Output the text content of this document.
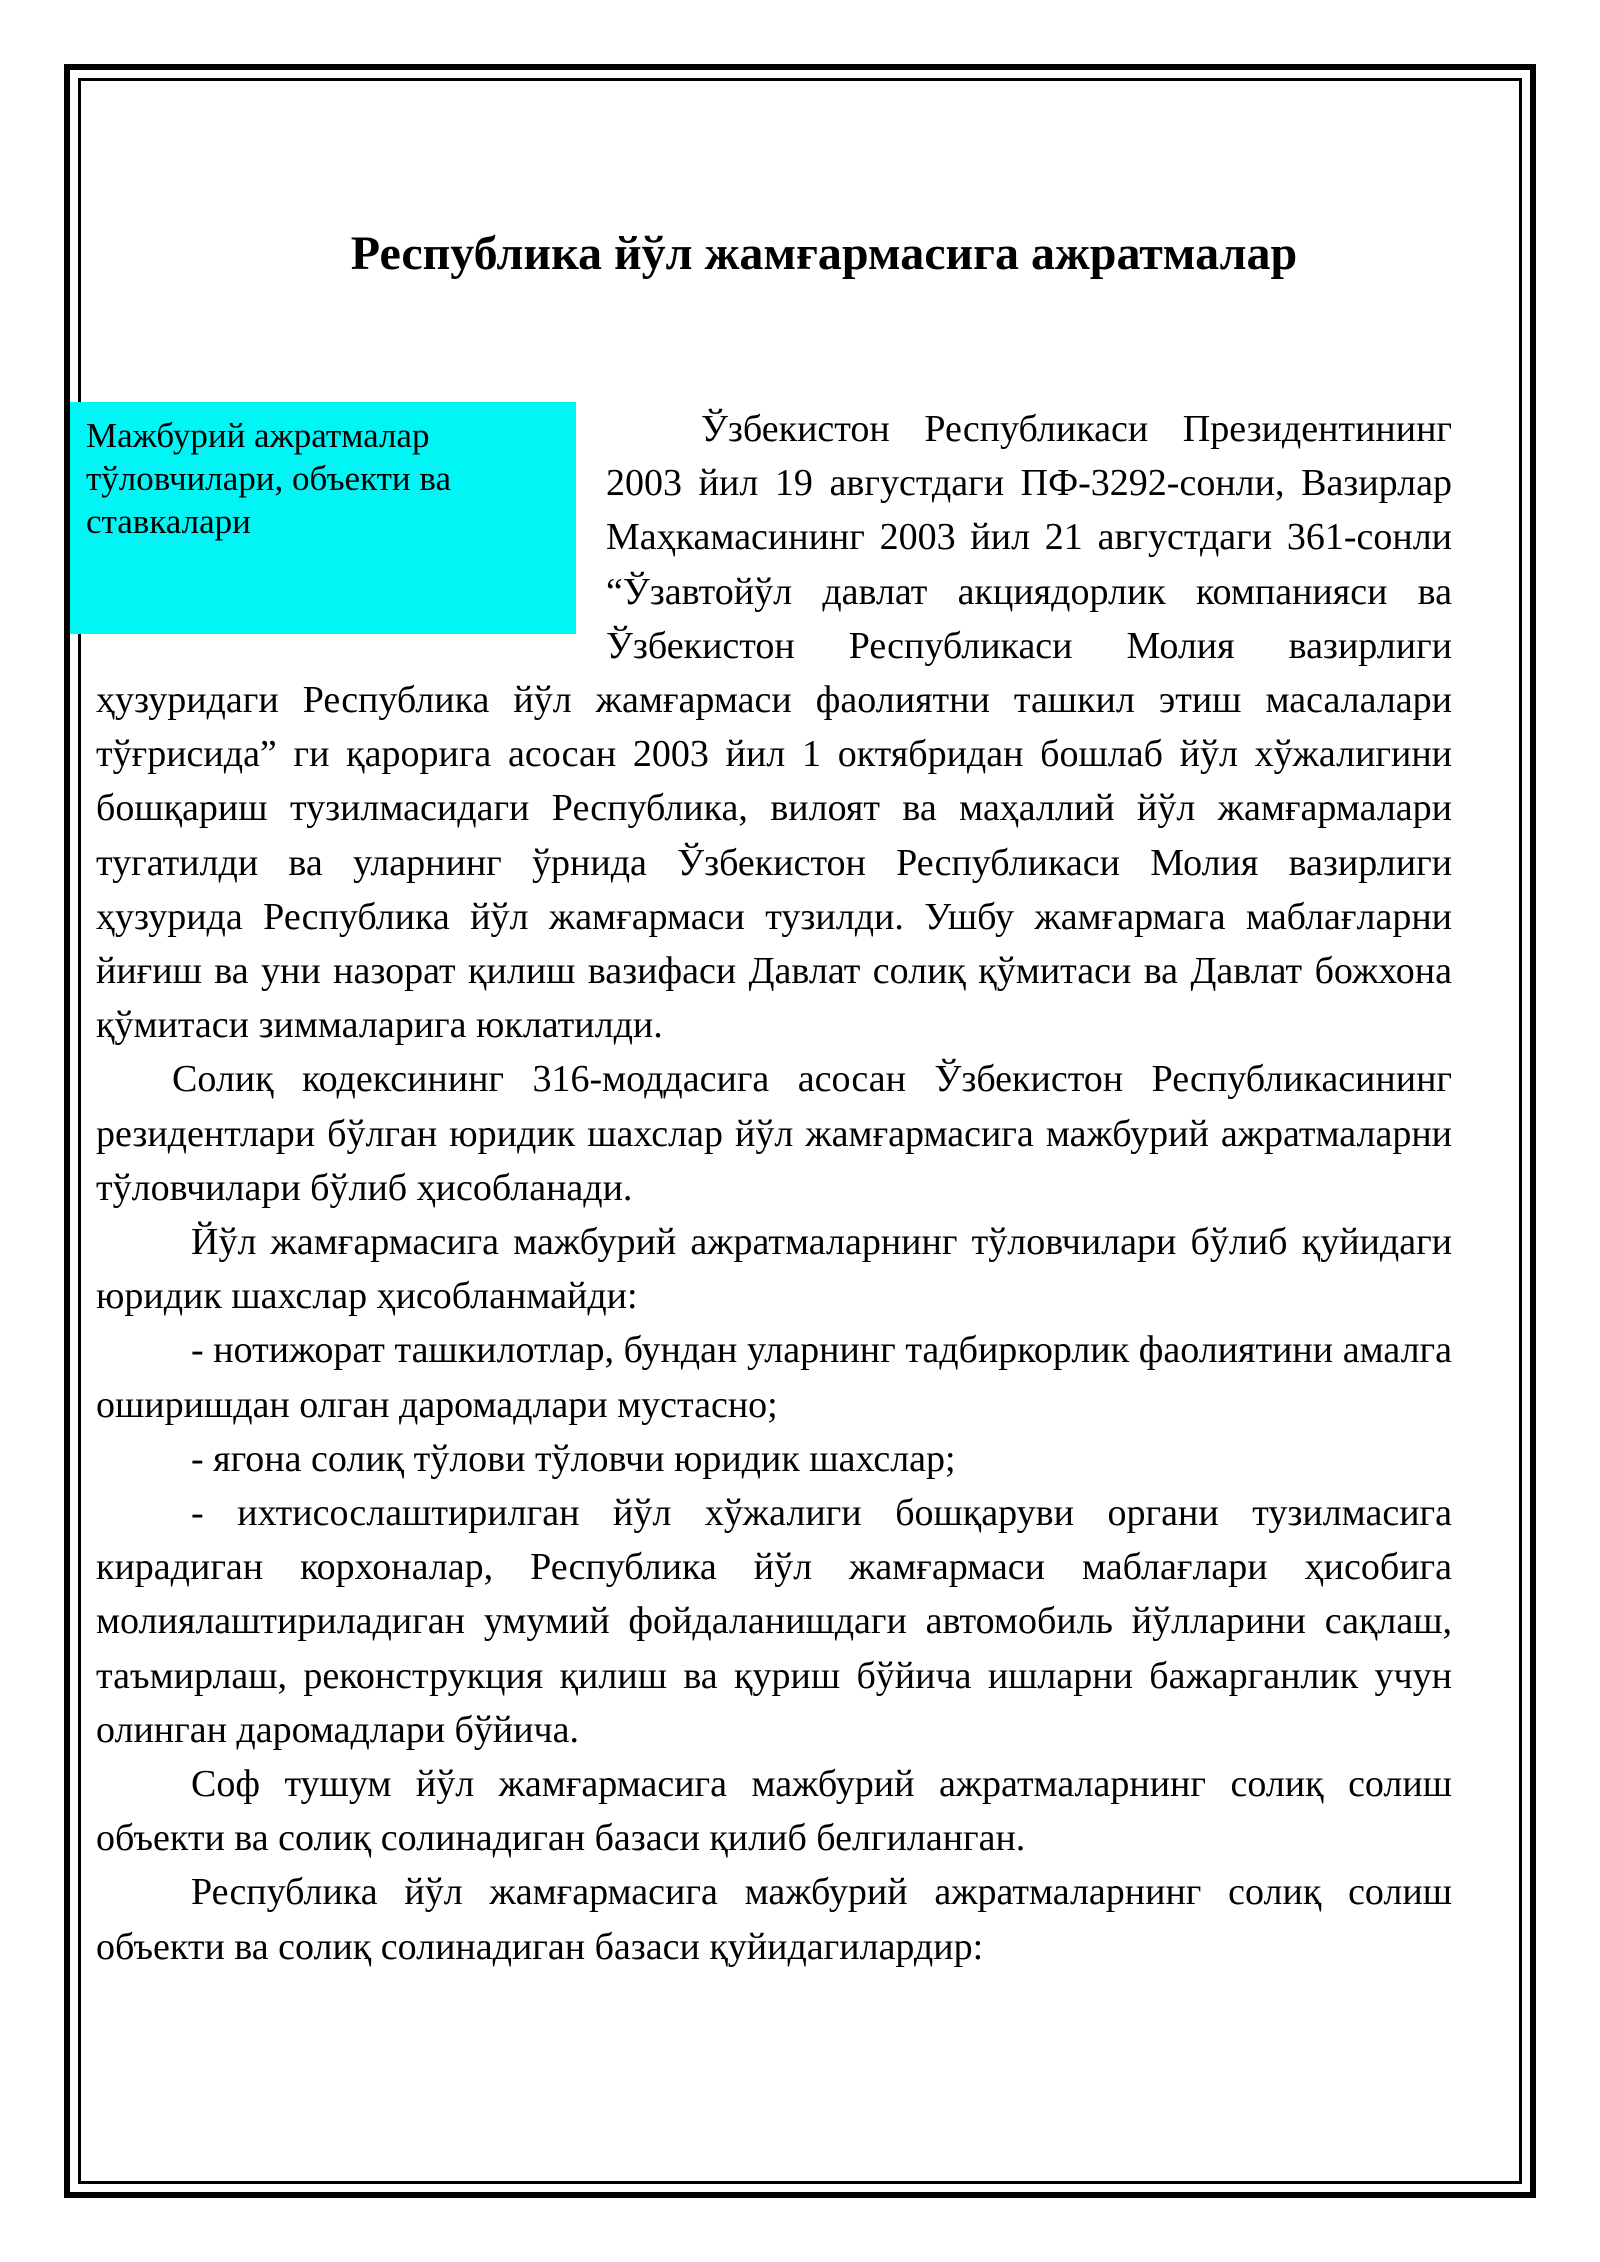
Республика йўл жамғармасига ажратмалар

Мажбурий ажратмалар тўловчилари, объекти ва ставкалари
Ўзбекистон Республикаси Президентининг 2003 йил 19 августдаги ПФ-3292-сонли, Вазирлар Маҳкамасининг 2003 йил 21 августдаги 361-сонли “Ўзавтойўл давлат акциядорлик компанияси ва Ўзбекистон Республикаси Молия вазирлиги ҳузуридаги Республика йўл жамғармаси фаолиятни ташкил этиш масалалари тўғрисида” ги қарорига асосан 2003 йил 1 октябридан бошлаб йўл хўжалигини бошқариш тузилмасидаги Республика, вилоят ва маҳаллий йўл жамғармалари тугатилди ва уларнинг ўрнида Ўзбекистон Республикаси Молия вазирлиги ҳузурида Республика йўл жамғармаси тузилди. Ушбу жамғармага маблағларни йиғиш ва уни назорат қилиш вазифаси Давлат солиқ қўмитаси ва Давлат божхона қўмитаси зиммаларига юклатилди.

Солиқ кодексининг 316-моддасига асосан Ўзбекистон Республикасининг резидентлари бўлган юридик шахслар йўл жамғармасига мажбурий ажратмаларни тўловчилари бўлиб ҳисобланади.

Йўл жамғармасига мажбурий ажратмаларнинг тўловчилари бўлиб қуйидаги юридик шахслар ҳисобланмайди:

- нотижорат ташкилотлар, бундан уларнинг тадбиркорлик фаолиятини амалга оширишдан олган даромадлари мустасно;

- ягона солиқ тўлови тўловчи юридик шахслар;

- ихтисослаштирилган йўл хўжалиги бошқаруви органи тузилмасига кирадиган корхоналар, Республика йўл жамғармаси маблағлари ҳисобига молиялаштириладиган умумий фойдаланишдаги автомобиль йўлларини сақлаш, таъмирлаш, реконструкция қилиш ва қуриш бўйича ишларни бажарганлик учун олинган даромадлари бўйича.

Соф тушум йўл жамғармасига мажбурий ажратмаларнинг солиқ солиш объекти ва солиқ солинадиган базаси қилиб белгиланган.

Республика йўл жамғармасига мажбурий ажратмаларнинг солиқ солиш объекти ва солиқ солинадиган базаси қуйидагилардир:
